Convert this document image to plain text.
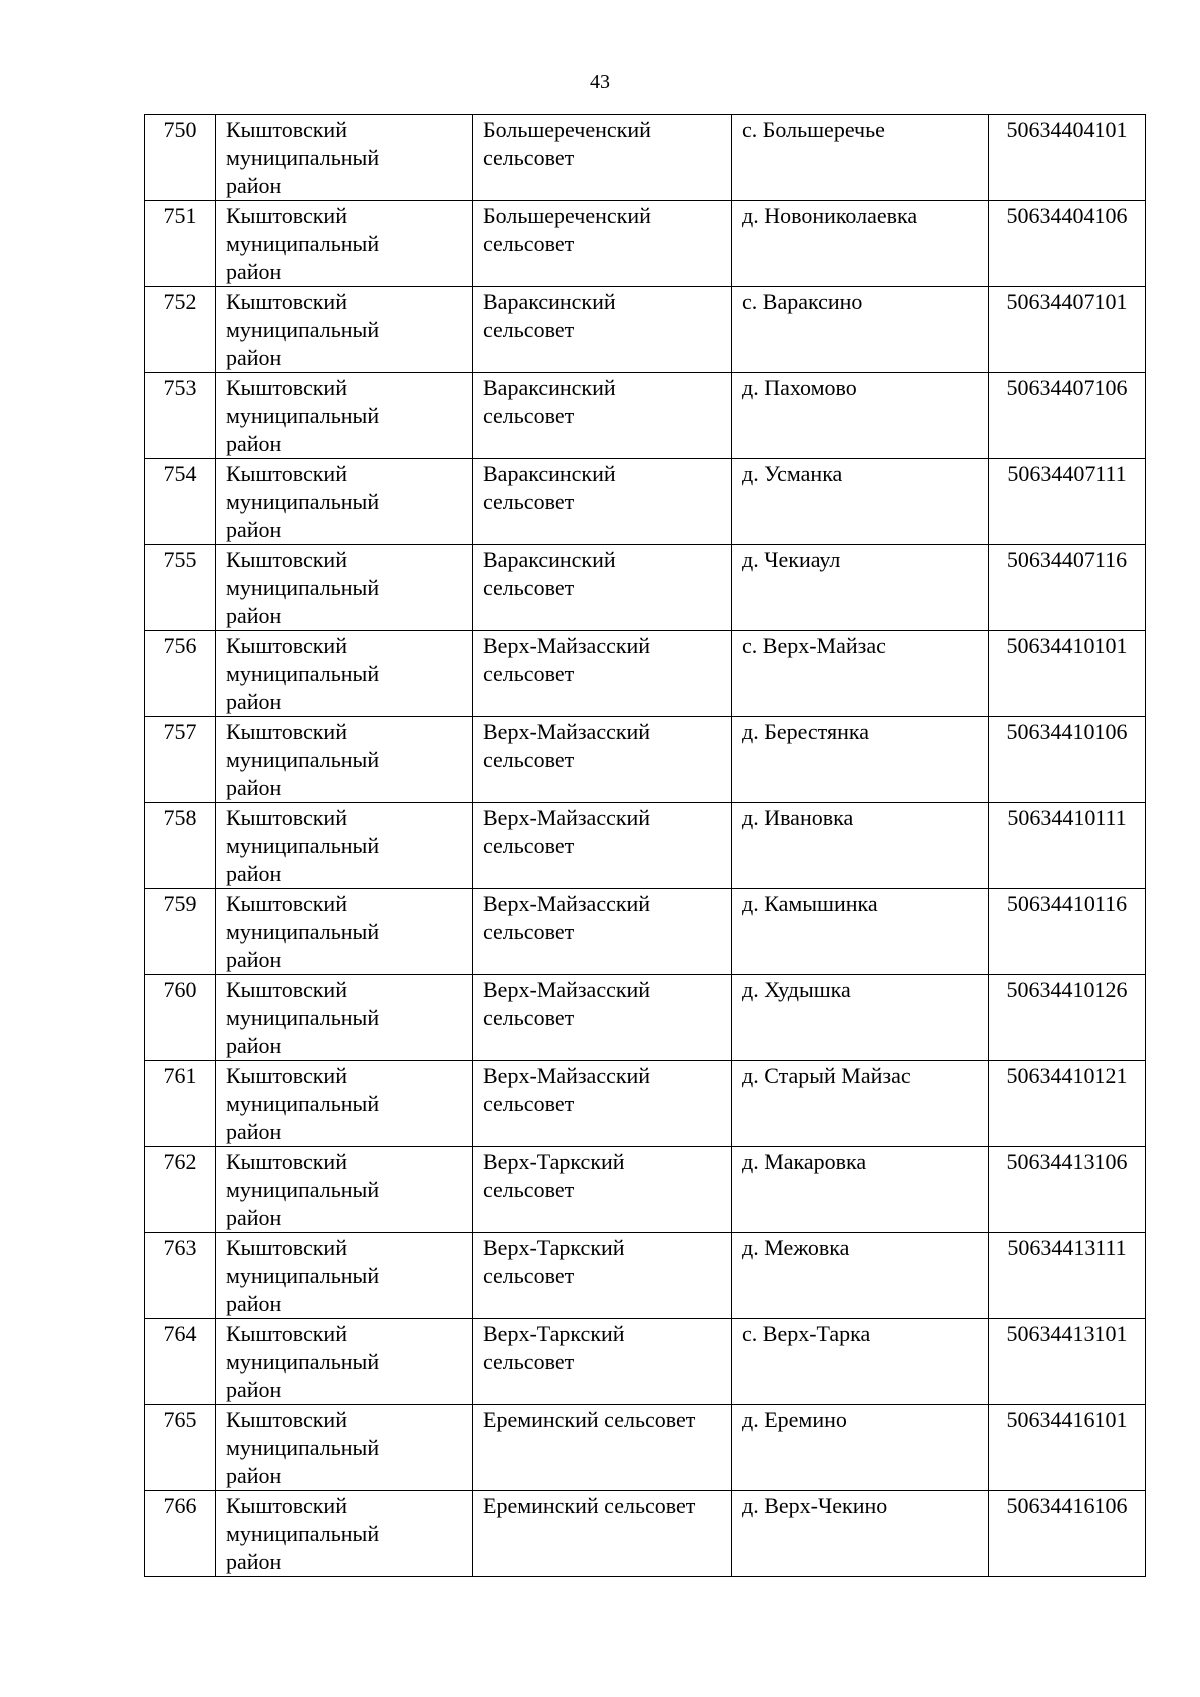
43
750	Кыштовский
муниципальный
район	Большереченский
сельсовет	с. Большеречье	50634404101
751	Кыштовский
муниципальный
район	Большереченский
сельсовет	д. Новониколаевка	50634404106
752	Кыштовский
муниципальный
район	Вараксинский
сельсовет	с. Вараксино	50634407101
753	Кыштовский
муниципальный
район	Вараксинский
сельсовет	д. Пахомово	50634407106
754	Кыштовский
муниципальный
район	Вараксинский
сельсовет	д. Усманка	50634407111
755	Кыштовский
муниципальный
район	Вараксинский
сельсовет	д. Чекиаул	50634407116
756	Кыштовский
муниципальный
район	Верх-Майзасский
сельсовет	с. Верх-Майзас	50634410101
757	Кыштовский
муниципальный
район	Верх-Майзасский
сельсовет	д. Берестянка	50634410106
758	Кыштовский
муниципальный
район	Верх-Майзасский
сельсовет	д. Ивановка	50634410111
759	Кыштовский
муниципальный
район	Верх-Майзасский
сельсовет	д. Камышинка	50634410116
760	Кыштовский
муниципальный
район	Верх-Майзасский
сельсовет	д. Худышка	50634410126
761	Кыштовский
муниципальный
район	Верх-Майзасский
сельсовет	д. Старый Майзас	50634410121
762	Кыштовский
муниципальный
район	Верх-Таркский
сельсовет	д. Макаровка	50634413106
763	Кыштовский
муниципальный
район	Верх-Таркский
сельсовет	д. Межовка	50634413111
764	Кыштовский
муниципальный
район	Верх-Таркский
сельсовет	с. Верх-Тарка	50634413101
765	Кыштовский
муниципальный
район	Ереминский сельсовет	д. Еремино	50634416101
766	Кыштовский
муниципальный
район	Ереминский сельсовет	д. Верх-Чекино	50634416106
